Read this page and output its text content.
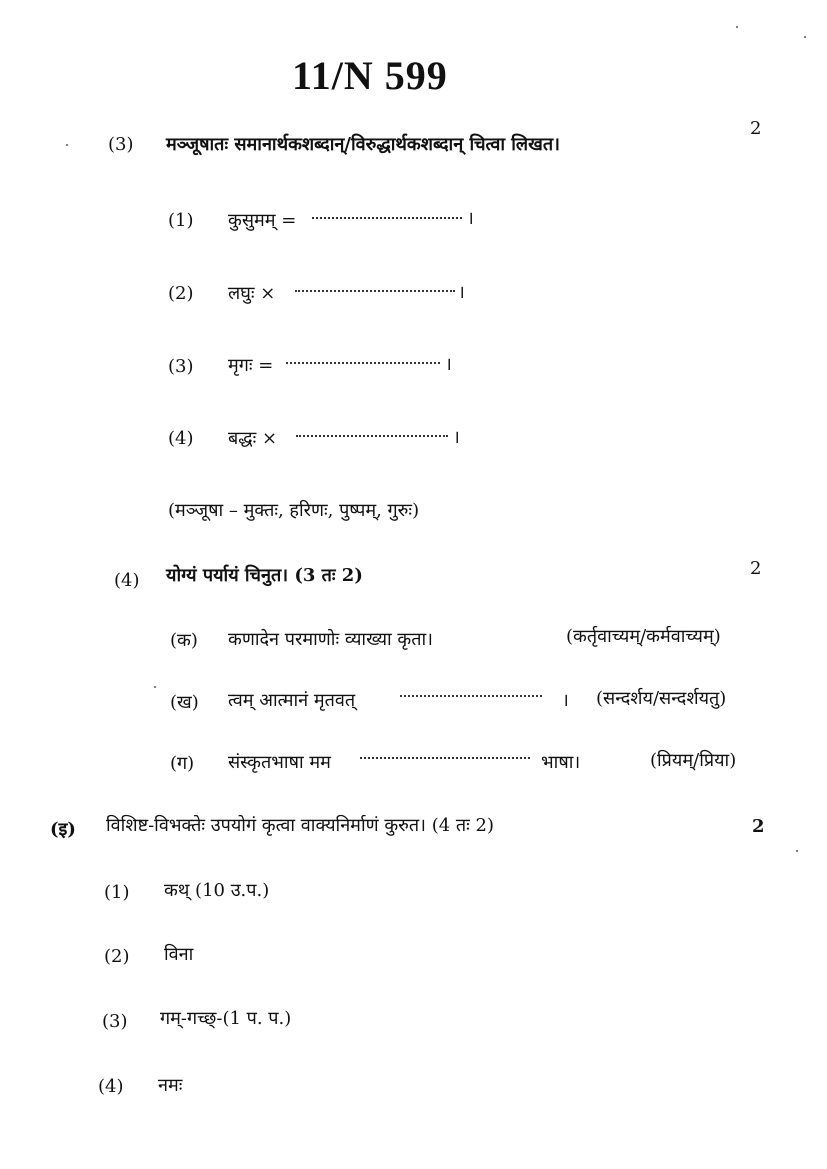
11/N 599
(3) मञ्जूषातः समानार्थकशब्दान्/विरुद्धार्थकशब्दान् चित्वा लिखत।
2
(1) कुसुमम् =	।
(2) लघुः ×	।
(3) मृगः =	।
(4) बद्धः ×	।
(मञ्जूषा – मुक्तः, हरिणः, पुष्पम्, गुरुः)
(4) योग्यं पर्यायं चिनुत। (3 तः 2)	2
(क) कणादेन परमाणोः व्याख्या कृता।	(कर्तृवाच्यम्/कर्मवाच्यम्)
(ख) त्वम् आत्मानं मृतवत्	। (सन्दर्शय/सन्दर्शयतु)
(ग) संस्कृतभाषा मम	भाषा।	(प्रियम्/प्रिया)
(इ) विशिष्ट-विभक्तेः उपयोगं कृत्वा वाक्यनिर्माणं कुरुत। (4 तः 2)	2
(1) कथ् (10 उ.प.)
(2) विना
(3) गम्-गच्छ्-(1 प. प.)
(4) नमः
